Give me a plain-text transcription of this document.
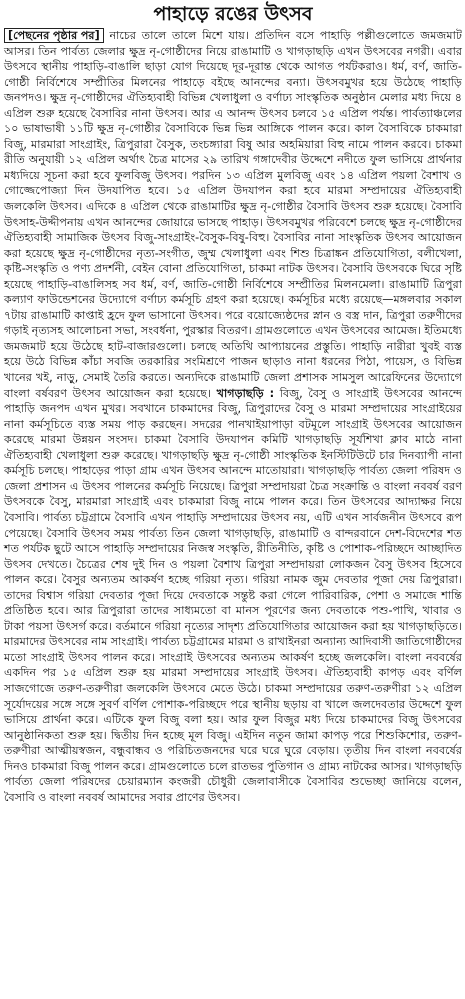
পাহাড়ে রঙের উৎসব

[পেছনের পৃষ্ঠার পর] নাচের তালে তালে মিশে যায়। প্রতিদিন বসে পাহাড়ি পল্লীগুলোতে জমজমাট আসর। তিন পার্বত্য জেলার ক্ষুদ্র নৃ-গোষ্ঠীদের নিয়ে রাঙামাটি ও খাগড়াছড়ি এখন উৎসবের নগরী। এবার উৎসবে স্থানীয় পাহাড়ি-বাঙালি ছাড়া যোগ দিয়েছে দূর-দূরান্ত থেকে আগত পর্যটকরাও। ধর্ম, বর্ণ, জাতি-গোষ্ঠী নির্বিশেষে সম্প্রীতির মিলনের পাহাড়ে বইছে আনন্দের বন্যা। উৎসবমুখর হয়ে উঠেছে পাহাড়ি জনপদও। ক্ষুদ্র নৃ-গোষ্ঠীদের ঐতিহ্যবাহী বিভিন্ন খেলাধুলা ও বর্ণাঢ্য সাংস্কৃতিক অনুষ্ঠান মেলার মধ্য দিয়ে ৪ এপ্রিল শুরু হয়েছে বৈসাবির নানা উৎসব। আর এ আনন্দ উৎসব চলবে ১৫ এপ্রিল পর্যন্ত। পার্বত্যাঞ্চলের ১০ ভাষাভাষী ১১টি ক্ষুদ্র নৃ-গোষ্ঠীর বৈসাবিকে ভিন্ন ভিন্ন আঙ্গিকে পালন করে। কাল বৈসাবিকে চাকমারা বিজু, মারমারা সাংগ্রাইং, ত্রিপুরারা বৈসুক, তংচঙ্গ্যারা বিষু আর অহমিয়ারা বিহু নামে পালন করবে। চাকমা রীতি অনুযায়ী ১২ এপ্রিল অর্থাৎ চৈত্র মাসের ২৯ তারিখ গঙ্গাদেবীর উদ্দেশে নদীতে ফুল ভাসিয়ে প্রার্থনার মধ্যদিয়ে সূচনা করা হবে ফুলবিজু উৎসব। পরদিন ১৩ এপ্রিল মুলবিজু এবং ১৪ এপ্রিল পয়লা বৈশাখ ও গোজ্জেপোজ্যা দিন উদযাপিত হবে। ১৫ এপ্রিল উদযাপন করা হবে মারমা সম্প্রদায়ের ঐতিহ্যবাহী জলকেলি উৎসব। এদিকে ৪ এপ্রিল থেকে রাঙামাটির ক্ষুদ্র নৃ-গোষ্ঠীর বৈসাবি উৎসব শুরু হয়েছে। বৈসাবি উৎসাহ-উদ্দীপনায় এখন আনন্দের জোয়ারে ভাসছে পাহাড়। উৎসবমুখর পরিবেশে চলছে ক্ষুদ্র নৃ-গোষ্ঠীদের ঐতিহ্যবাহী সামাজিক উৎসব বিজু-সাংগ্রাইং-বৈসুক-বিষু-বিহু। বৈসাবির নানা সাংস্কৃতিক উৎসব আয়োজন করা হয়েছে ক্ষুদ্র নৃ-গোষ্ঠীদের নৃত্য-সংগীত, জুম্ম খেলাধুলা এবং শিশু চিত্রাঙ্কন প্রতিযোগিতা, বলীখেলা, কৃষ্টি-সংস্কৃতি ও পণ্য প্রদর্শনী, বেইন বোনা প্রতিযোগিতা, চাকমা নাটক উৎসব। বৈসাবি উৎসবকে ঘিরে সৃষ্টি হয়েছে পাহাড়ি-বাঙালিসহ সব ধর্ম, বর্ণ, জাতি-গোষ্ঠী নির্বিশেষে সম্প্রীতির মিলনমেলা। রাঙামাটি ত্রিপুরা কল্যাণ ফাউন্ডেশনের উদ্যোগে বর্ণাঢ্য কর্মসূচি গ্রহণ করা হয়েছে। কর্মসূচির মধ্যে রয়েছে—মঙ্গলবার সকাল ৭টায় রাঙামাটি কাপ্তাই হ্রদে ফুল ভাসানো উৎসব। পরে বয়োজ্যেষ্ঠদের স্নান ও বস্ত্র দান, ত্রিপুরা তরুণীদের গড়াই নৃত্যসহ আলোচনা সভা, সংবর্ধনা, পুরস্কার বিতরণ। গ্রামগুলোতে এখন উৎসবের আমেজ। ইতিমধ্যে জমজমাট হয়ে উঠেছে হাট-বাজারগুলো। চলছে অতিথি আপ্যায়নের প্রস্তুতি। পাহাড়ি নারীরা খুবই ব্যস্ত হয়ে উঠে বিভিন্ন কাঁচা সবজি তরকারির সংমিশ্রণে পাজন ছাড়াও নানা ধরনের পিঠা, পায়েস, ও বিভিন্ন খানের খই, নাড়ু, সেমাই তৈরি করতে। অন্যদিকে রাঙামাটি জেলা প্রশাসক সামসুল আরেফিনের উদ্যোগে বাংলা বর্ষবরণ উৎসব আয়োজন করা হয়েছে। খাগড়াছড়ি : বিজু, বৈসু ও সাংগ্রাই উৎসবের আনন্দে পাহাড়ি জনপদ এখন মুখর। সবখানে চাকমাদের বিজু, ত্রিপুরাদের বৈসু ও মারমা সম্প্রদায়ের সাংগ্রাইয়ের নানা কর্মসূচিতে ব্যস্ত সময় পাড় করছেন। সদরের পানখাইয়াপাড়া বটমূলে সাংগ্রাই উৎসবের আয়োজন করেছে মারমা উন্নয়ন সংসদ। চাকমা বৈসাবি উদযাপন কমিটি খাগড়াছড়ি সূর্যশিখা ক্লাব মাঠে নানা ঐতিহ্যবাহী খেলাধুলা শুরু করেছে। খাগড়াছড়ি ক্ষুদ্র নৃ-গোষ্ঠী সাংস্কৃতিক ইনস্টিটিউটে চার দিনব্যাপী নানা কর্মসূচি চলছে। পাহাড়ের পাড়া গ্রাম এখন উৎসব আনন্দে মাতোয়ারা। খাগড়াছড়ি পার্বত্য জেলা পরিষদ ও জেলা প্রশাসন এ উৎসব পালনের কর্মসূচি নিয়েছে। ত্রিপুরা সম্প্রদায়রা চৈত্র সংক্রান্তি ও বাংলা নববর্ষ বরণ উৎসবকে বৈসু, মারমারা সাংগ্রাই এবং চাকমারা বিজু নামে পালন করে। তিন উৎসবের আদ্যাক্ষর নিয়ে বৈসাবি। পার্বত্য চট্টগ্রামে বৈসাবি এখন পাহাড়ি সম্প্রদায়ের উৎসব নয়, এটি এখন সার্বজনীন উৎসবে রূপ পেয়েছে। বৈসাবি উৎসব সময় পার্বত্য তিন জেলা খাগড়াছড়ি, রাঙামাটি ও বান্দরবানে দেশ-বিদেশের শত শত পর্যটক ছুটে আসে পাহাড়ি সম্প্রদায়ের নিজস্ব সংস্কৃতি, রীতিনীতি, কৃষ্টি ও পোশাক-পরিচ্ছদে আচ্ছাদিত উৎসব দেখতে। চৈত্রের শেষ দুই দিন ও পয়লা বৈশাখ ত্রিপুরা সম্প্রদায়রা লোকজন বৈসু উৎসব হিসেবে পালন করে। বৈসুর অন্যতম আকর্ষণ হচ্ছে গরিয়া নৃত্য। গরিয়া নামক জুম দেবতার পূজা দেয় ত্রিপুরারা। তাদের বিশ্বাস গরিয়া দেবতার পূজা দিয়ে দেবতাকে সন্তুষ্ট করা গেলে পারিবারিক, পেশা ও সমাজে শান্তি প্রতিষ্ঠিত হবে। আর ত্রিপুরারা তাদের সাধ্যমতো বা মানস পূরণের জন্য দেবতাকে পশু-পাখি, খাবার ও টাকা পয়সা উৎসর্গ করে। বর্তমানে গরিয়া নৃত্যের সাদৃশ্য প্রতিযোগিতার আয়োজন করা হয় খাগড়াছড়িতে। মারমাদের উৎসবের নাম সাংগ্রাই। পার্বত্য চট্টগ্রামের মারমা ও রাখাইনরা অন্যান্য আদিবাসী জাতিগোষ্ঠীদের মতো সাংগ্রাই উৎসব পালন করে। সাংগ্রাই উৎসবের অন্যতম আকর্ষণ হচ্ছে জলকেলি। বাংলা নববর্ষের একদিন পর ১৫ এপ্রিল শুরু হয় মারমা সম্প্রদায়ের সাংগ্রাই উৎসব। ঐতিহ্যবাহী কাপড় এবং বর্ণিল সাজগোজে তরুণ-তরুণীরা জলকেলি উৎসবে মেতে উঠে। চাকমা সম্প্রদায়ের তরুণ-তরুণীরা ১২ এপ্রিল সূর্যোদয়ের সঙ্গে সঙ্গে সুবর্ণ বর্ণিল পোশাক-পরিচ্ছদে পরে স্থানীয় ছড়ায় বা খালে জলদেবতার উদ্দেশে ফুল ভাসিয়ে প্রার্থনা করে। এটিকে ফুল বিজু বলা হয়। আর ফুল বিজুর মধ্য দিয়ে চাকমাদের বিজু উৎসবের আনুষ্ঠানিকতা শুরু হয়। দ্বিতীয় দিন হচ্ছে মূল বিজু। এইদিন নতুন জামা কাপড় পরে শিশুকিশোর, তরুণ-তরুণীরা আত্মীয়স্বজন, বন্ধুবান্ধব ও পরিচিতজনদের ঘরে ঘরে ঘুরে বেড়ায়। তৃতীয় দিন বাংলা নববর্ষের দিনও চাকমারা বিজু পালন করে। গ্রামগুলোতে চলে রাতভর পুতিগান ও গ্রাম্য নাটকের আসর। খাগড়াছড়ি পার্বত্য জেলা পরিষদের চেয়ারম্যান কংজরী চৌধুরী জেলাবাসীকে বৈসাবির শুভেচ্ছা জানিয়ে বলেন, বৈসাবি ও বাংলা নববর্ষ আমাদের সবার প্রাণের উৎসব।
